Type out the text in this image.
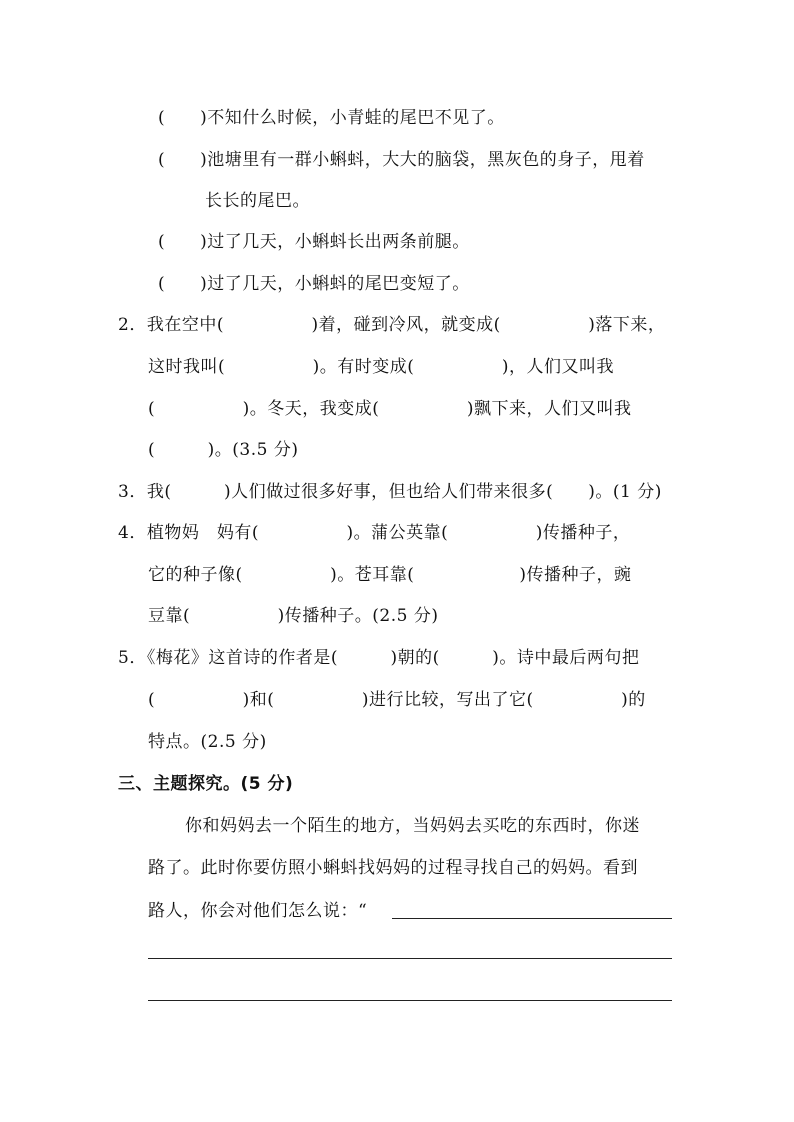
(　　)不知什么时候，小青蛙的尾巴不见了。
(　　)池塘里有一群小蝌蚪，大大的脑袋，黑灰色的身子，甩着
长长的尾巴。
(　　)过了几天，小蝌蚪长出两条前腿。
(　　)过了几天，小蝌蚪的尾巴变短了。
2．我在空中(　　　　　)着，碰到冷风，就变成(　　　　　)落下来，
这时我叫(　　　　　)。有时变成(　　　　　)，人们又叫我
(　　　　　)。冬天，我变成(　　　　　)飘下来，人们又叫我
(　　　)。(3.5 分)
3．我(　　　)人们做过很多好事，但也给人们带来很多(　　)。(1 分)
4．植物妈　妈有(　　　　　)。蒲公英靠(　　　　　)传播种子，
它的种子像(　　　　　)。苍耳靠(　　　　　　)传播种子，豌
豆靠(　　　　　)传播种子。(2.5 分)
5．《梅花》这首诗的作者是(　　　)朝的(　　　)。诗中最后两句把
(　　　　　)和(　　　　　)进行比较，写出了它(　　　　　)的
特点。(2.5 分)
三、主题探究。(5 分)
你和妈妈去一个陌生的地方，当妈妈去买吃的东西时，你迷
路了。此时你要仿照小蝌蚪找妈妈的过程寻找自己的妈妈。看到
路人，你会对他们怎么说：“
